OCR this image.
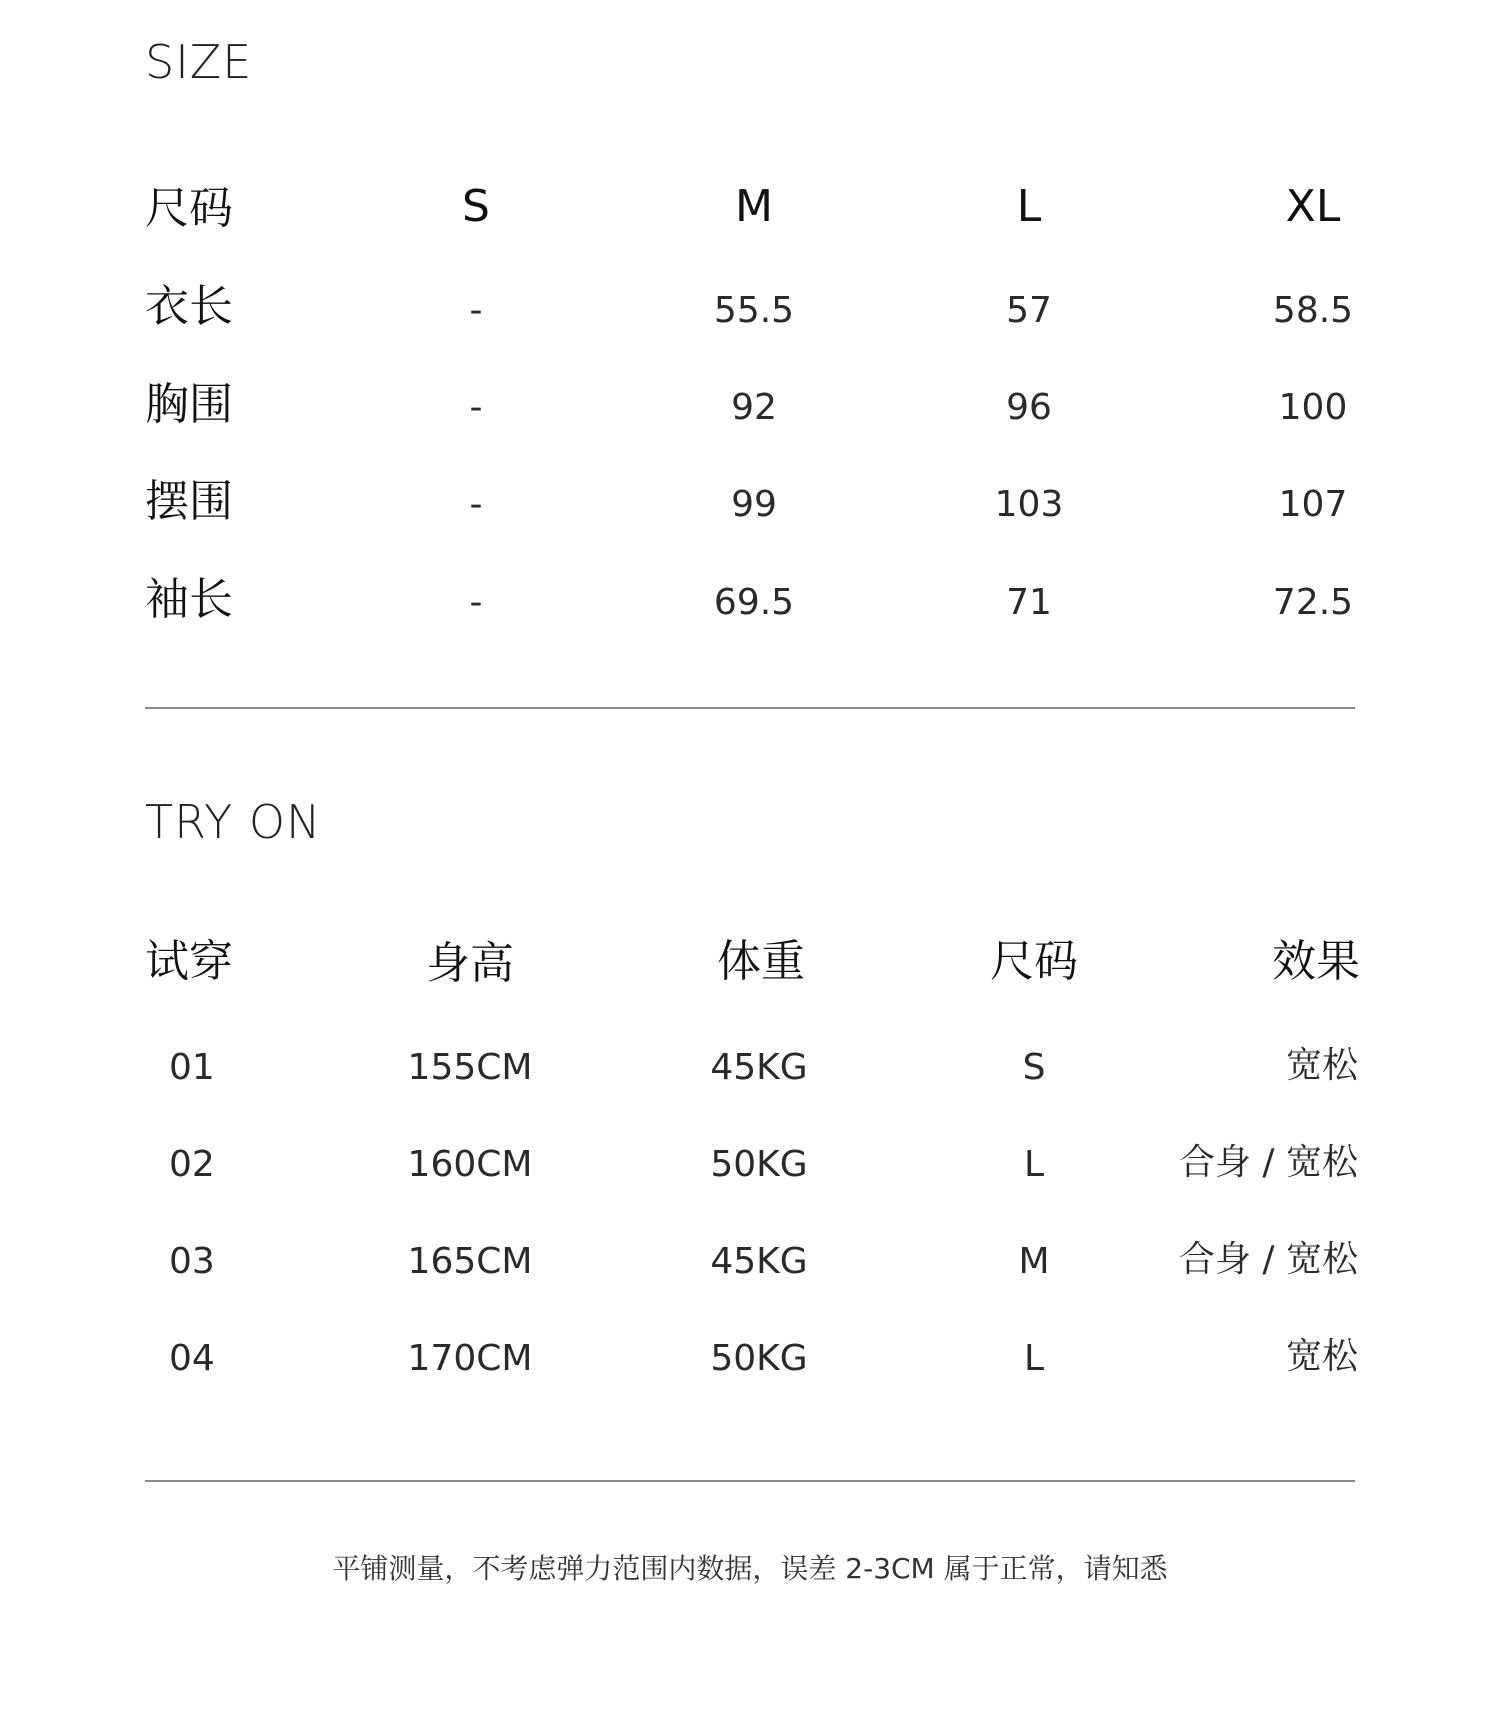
SIZE
尺码	S	M	L	XL
衣长	-	55.5	57	58.5
胸围	-	92	96	100
摆围	-	99	103	107
袖长	-	69.5	71	72.5
TRY ON
试穿	身高	体重	尺码	效果
01	155CM	45KG	S	宽松
02	160CM	50KG	L	合身 / 宽松
03	165CM	45KG	M	合身 / 宽松
04	170CM	50KG	L	宽松
平铺测量，不考虑弹力范围内数据，误差 2-3CM 属于正常，请知悉
